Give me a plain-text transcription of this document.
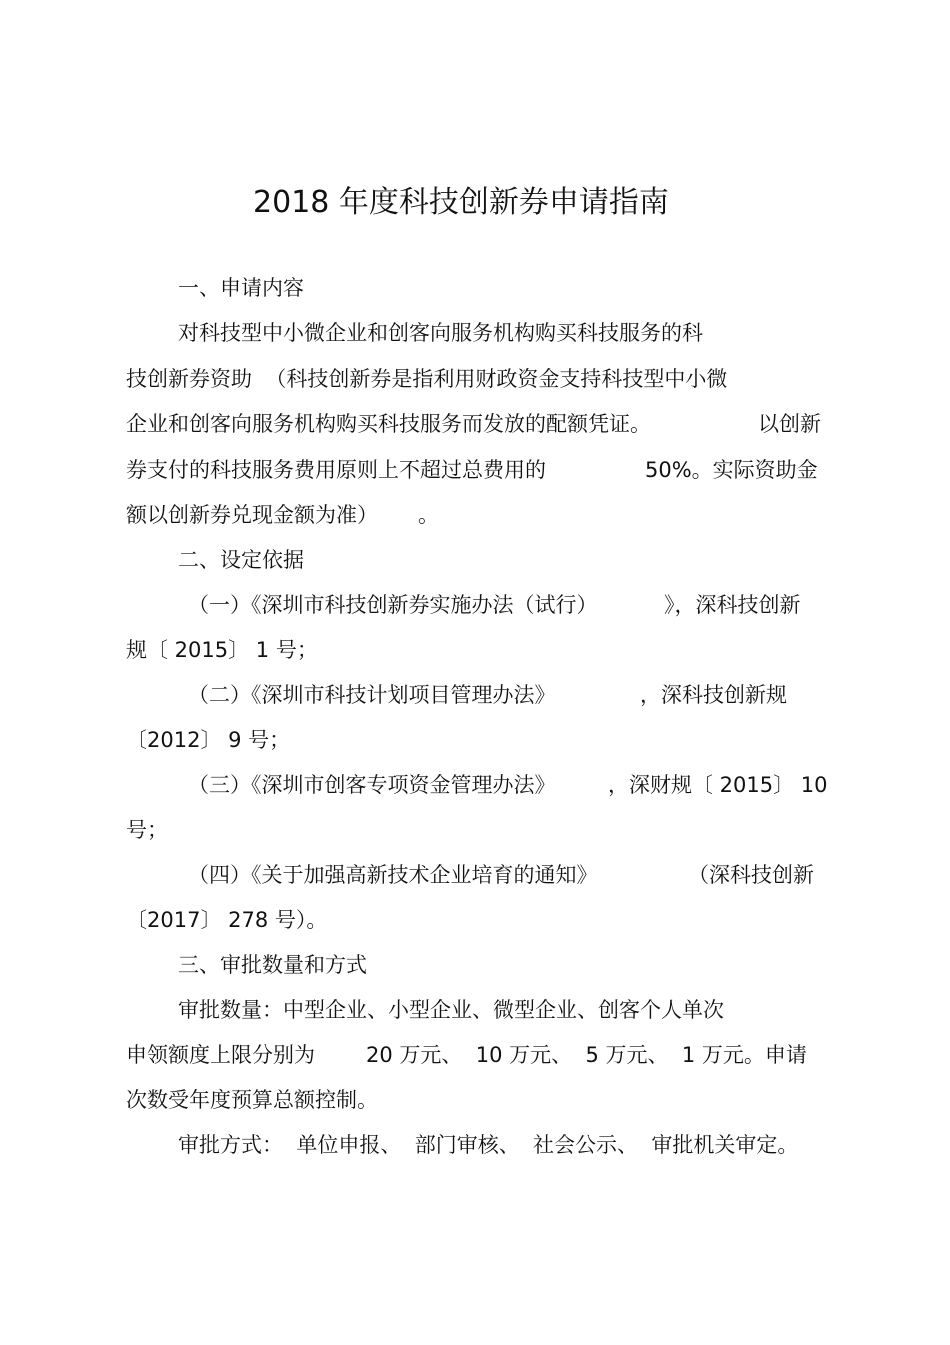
2018 年度科技创新券申请指南
一、申请内容
对科技型中小微企业和创客向服务机构购买科技服务的科
技创新券资助  （科技创新券是指利用财政资金支持科技型中小微
企业和创客向服务机构购买科技服务而发放的配额凭证。	以创新
券支付的科技服务费用原则上不超过总费用的	50%。实际资助金
额以创新券兑现金额为准） 。
二、设定依据
（一）《深圳市科技创新券实施办法（试行）	》，深科技创新
规〔 2015〕 1 号；
（二）《深圳市科技计划项目管理办法》	，深科技创新规
〔2012〕 9 号；
（三）《深圳市创客专项资金管理办法》	，深财规〔 2015〕 10
号；
（四）《关于加强高新技术企业培育的通知》	（深科技创新
〔2017〕 278 号）。
三、审批数量和方式
审批数量：中型企业、小型企业、微型企业、创客个人单次
申领额度上限分别为 20 万元、  10 万元、  5 万元、  1 万元。申请
次数受年度预算总额控制。
审批方式：  单位申报、  部门审核、  社会公示、  审批机关审定。
